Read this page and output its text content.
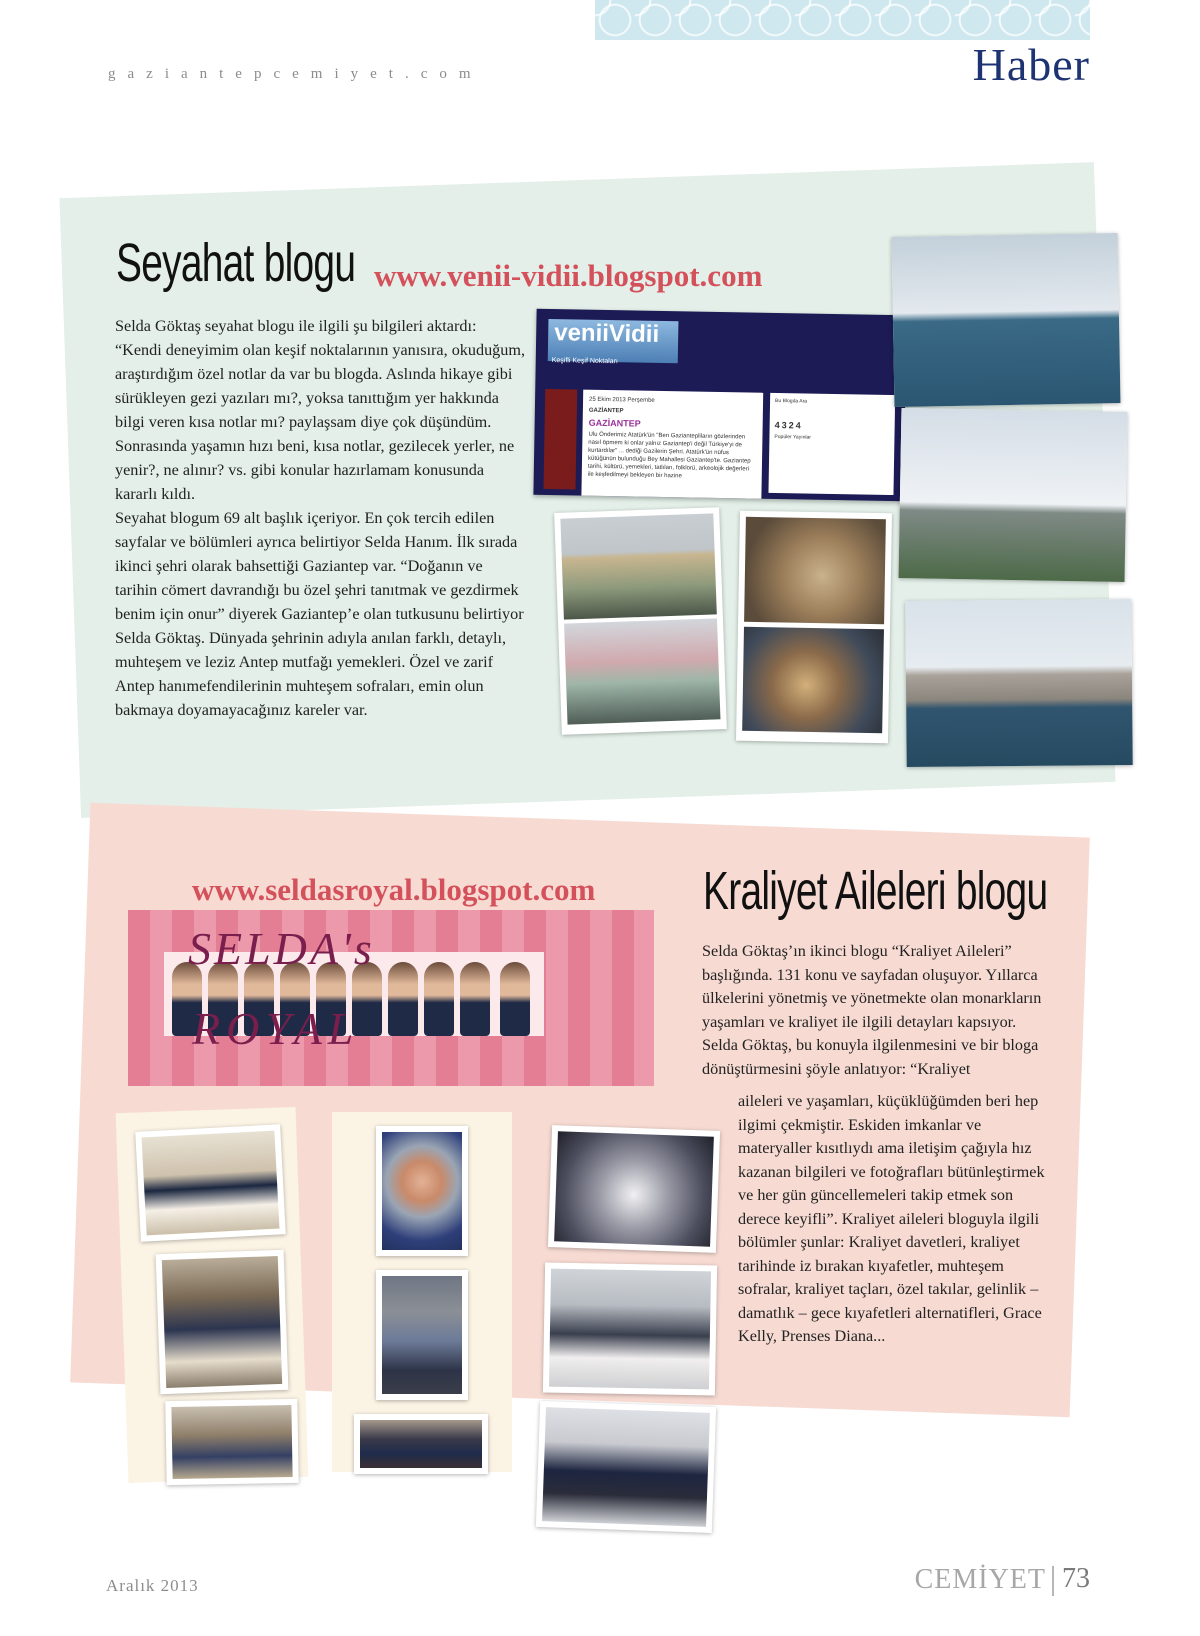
gaziantepcemiyet.com	Haber
Seyahat blogu www.venii-vidii.blogspot.com

Selda Göktaş seyahat blogu ile ilgili şu bilgileri aktardı: “Kendi deneyimim olan keşif noktalarının yanısıra, okuduğum, araştırdığım özel notlar da var bu blogda. Aslında hikaye gibi sürükleyen gezi yazıları mı?, yoksa tanıttığım yer hakkında bilgi veren kısa notlar mı? paylaşsam diye çok düşündüm. Sonrasında yaşamın hızı beni, kısa notlar, gezilecek yerler, ne yenir?, ne alınır? vs. gibi konular hazırlamam konusunda kararlı kıldı.

Seyahat blogum 69 alt başlık içeriyor. En çok tercih edilen sayfalar ve bölümleri ayrıca belirtiyor Selda Hanım. İlk sırada ikinci şehri olarak bahsettiği Gaziantep var. “Doğanın ve tarihin cömert davrandığı bu özel şehri tanıtmak ve gezdirmek benim için onur” diyerek Gaziantep’e olan tutkusunu belirtiyor Selda Göktaş. Dünyada şehrinin adıyla anılan farklı, detaylı, muhteşem ve leziz Antep mutfağı yemekleri. Özel ve zarif Antep hanımefendilerinin muhteşem sofraları, emin olun bakmaya doyamayacağınız kareler var.

veniiVidii
Keşifli Keşif Noktaları
25 Ekim 2013 Perşembe
GAZİANTEP
GAZİANTEP
Ulu Önderimiz Atatürk'ün "Ben Gaziantepliların gözlerinden nasıl öpmem ki onlar yalnız Gaziantep'i değil Türkiye'yi de kurtardılar" ... dediği Gazilerin Şehri. Atatürk'ün nüfus kütüğünün bulunduğu Bey Mahallesi Gaziantep'te. Gaziantep tarihi, kültürü, yemekleri, tatlıları, folklorü, arkeolojik değerleri ile keşfedilmeyi bekleyen bir hazine
Bu Blogda Ara
4324
Popüler Yayınlar
www.seldasroyal.blogspot.com Kraliyet Aileleri blogu
SELDA's
ROYAL
Selda Göktaş’ın ikinci blogu “Kraliyet Aileleri” başlığında. 131 konu ve sayfadan oluşuyor. Yıllarca ülkelerini yönetmiş ve yönetmekte olan monarkların yaşamları ve kraliyet ile ilgili detayları kapsıyor. Selda Göktaş, bu konuyla ilgilenmesini ve bir bloga dönüştürmesini şöyle anlatıyor: “Kraliyet
aileleri ve yaşamları, küçüklüğümden beri hep ilgimi çekmiştir. Eskiden imkanlar ve materyaller kısıtlıydı ama iletişim çağıyla hız kazanan bilgileri ve fotoğrafları bütünleştirmek ve her gün güncellemeleri takip etmek son derece keyifli”. Kraliyet aileleri bloguyla ilgili bölümler şunlar: Kraliyet davetleri, kraliyet tarihinde iz bırakan kıyafetler, muhteşem sofralar, kraliyet taçları, özel takılar, gelinlik – damatlık – gece kıyafetleri alternatifleri, Grace Kelly, Prenses Diana...
Aralık 2013	CEMİYET 73
